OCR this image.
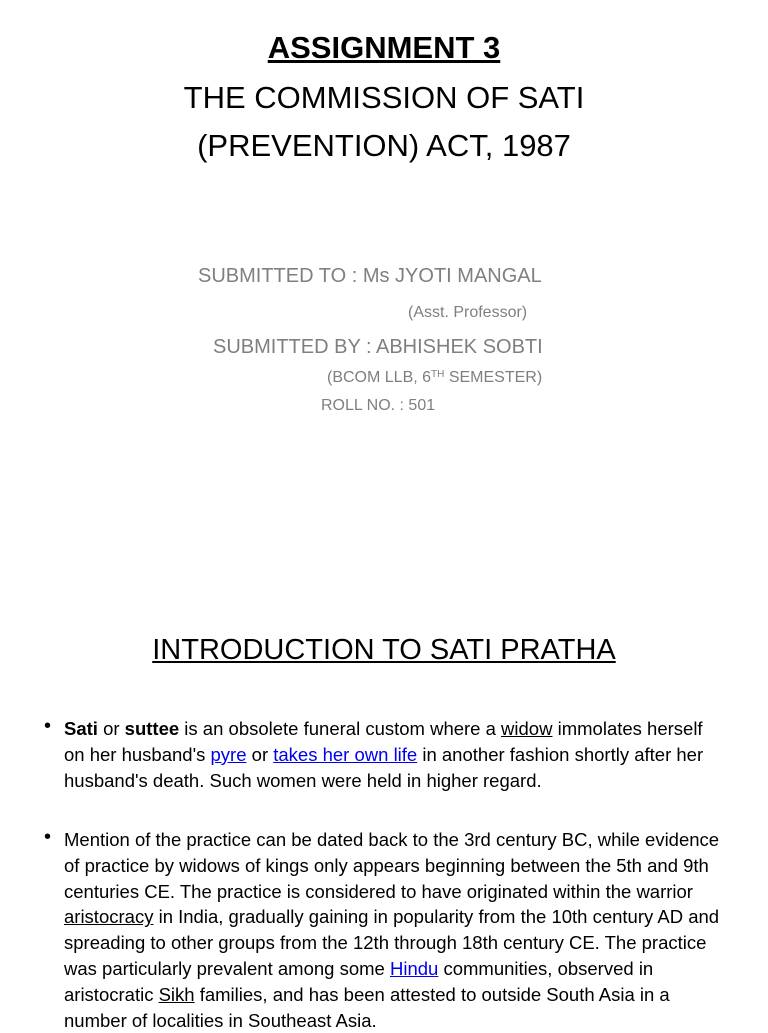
ASSIGNMENT 3
THE COMMISSION OF SATI
(PREVENTION) ACT, 1987
SUBMITTED TO : Ms JYOTI MANGAL
(Asst. Professor)
SUBMITTED BY : ABHISHEK SOBTI
(BCOM LLB, 6TH SEMESTER)
ROLL NO. : 501
INTRODUCTION TO SATI PRATHA
• Sati or suttee is an obsolete funeral custom where a widow immolates herself on her husband's pyre or takes her own life in another fashion shortly after her husband's death. Such women were held in higher regard.
• Mention of the practice can be dated back to the 3rd century BC, while evidence of practice by widows of kings only appears beginning between the 5th and 9th centuries CE. The practice is considered to have originated within the warrior aristocracy in India, gradually gaining in popularity from the 10th century AD and spreading to other groups from the 12th through 18th century CE. The practice was particularly prevalent among some Hindu communities, observed in aristocratic Sikh families, and has been attested to outside South Asia in a number of localities in Southeast Asia.
